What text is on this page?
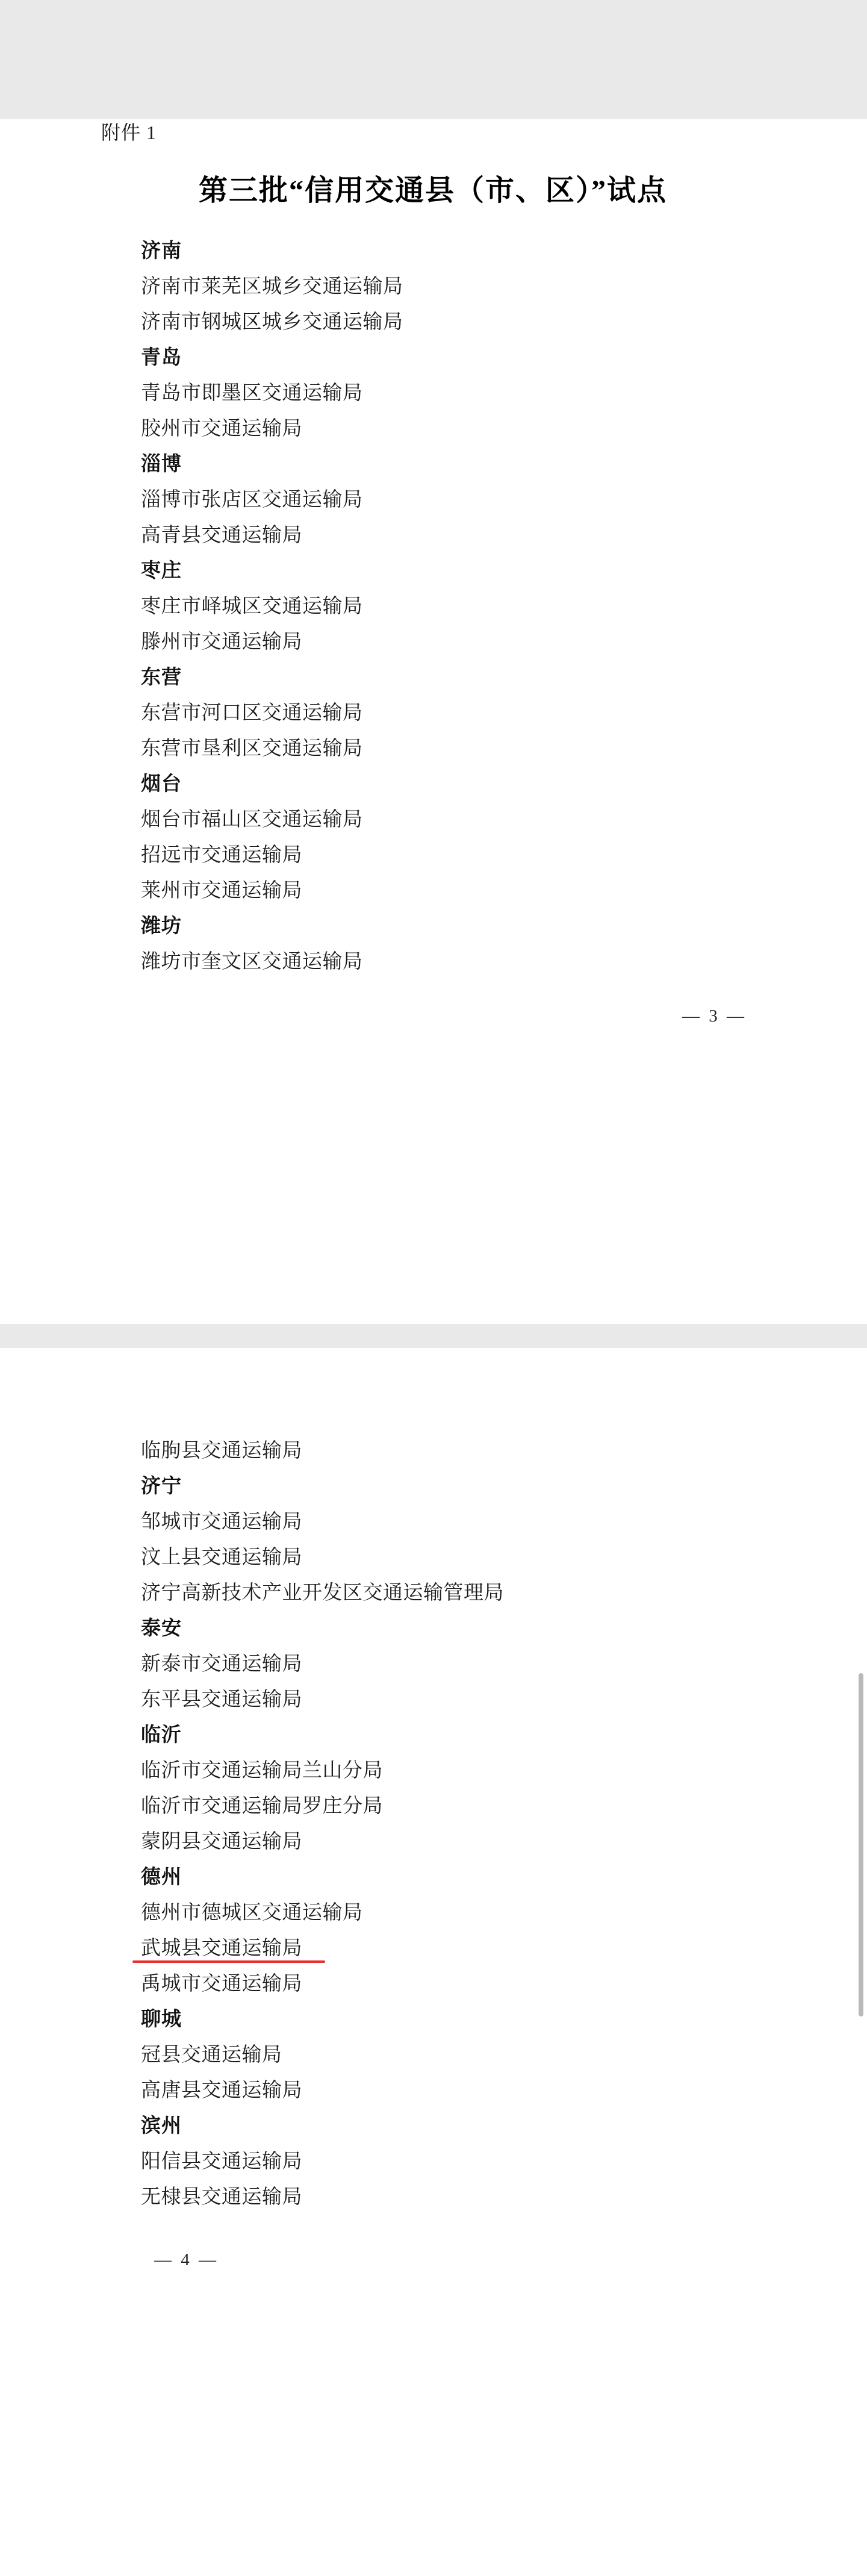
附件 1
第三批“信用交通县（市、区）”试点
济南
济南市莱芜区城乡交通运输局
济南市钢城区城乡交通运输局
青岛
青岛市即墨区交通运输局
胶州市交通运输局
淄博
淄博市张店区交通运输局
高青县交通运输局
枣庄
枣庄市峄城区交通运输局
滕州市交通运输局
东营
东营市河口区交通运输局
东营市垦利区交通运输局
烟台
烟台市福山区交通运输局
招远市交通运输局
莱州市交通运输局
潍坊
潍坊市奎文区交通运输局
— 3 —
临朐县交通运输局
济宁
邹城市交通运输局
汶上县交通运输局
济宁高新技术产业开发区交通运输管理局
泰安
新泰市交通运输局
东平县交通运输局
临沂
临沂市交通运输局兰山分局
临沂市交通运输局罗庄分局
蒙阴县交通运输局
德州
德州市德城区交通运输局
武城县交通运输局
禹城市交通运输局
聊城
冠县交通运输局
高唐县交通运输局
滨州
阳信县交通运输局
无棣县交通运输局
— 4 —
